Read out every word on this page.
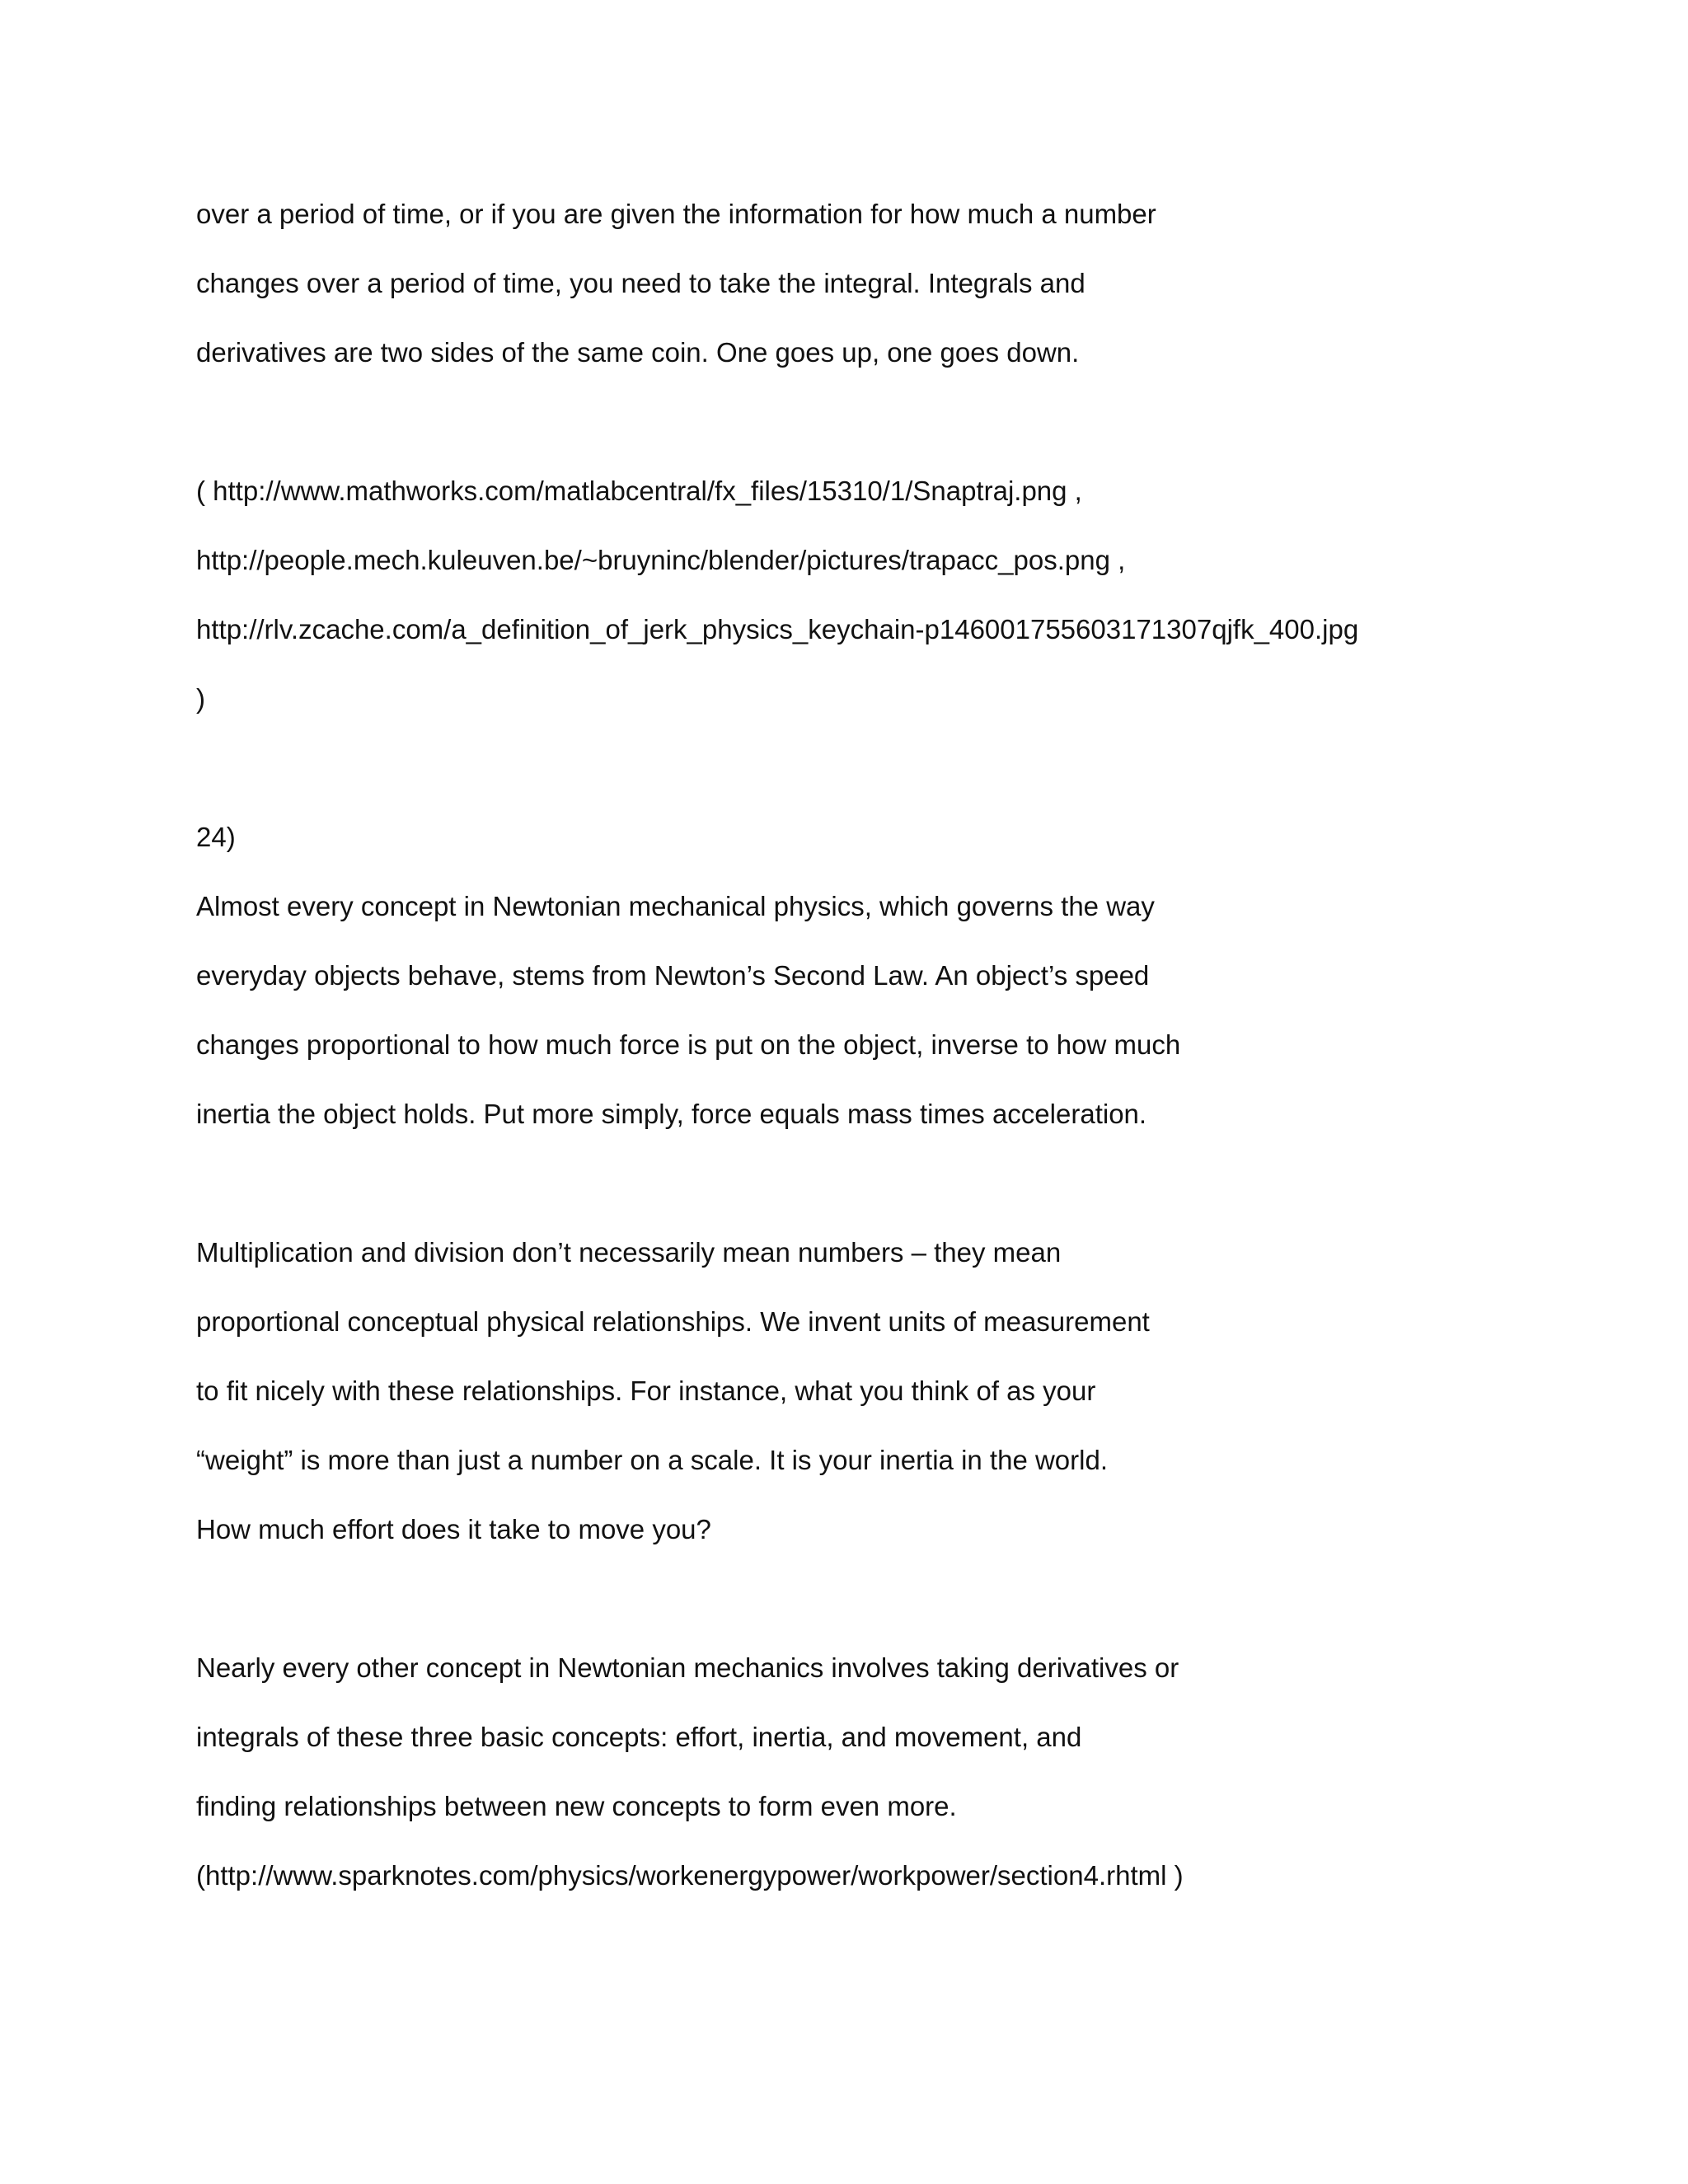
over a period of time, or if you are given the information for how much a number
changes over a period of time, you need to take the integral. Integrals and
derivatives are two sides of the same coin. One goes up, one goes down.
( http://www.mathworks.com/matlabcentral/fx_files/15310/1/Snaptraj.png ,
http://people.mech.kuleuven.be/~bruyninc/blender/pictures/trapacc_pos.png ,
http://rlv.zcache.com/a_definition_of_jerk_physics_keychain-p146001755603171307qjfk_400.jpg
)
24)
Almost every concept in Newtonian mechanical physics, which governs the way
everyday objects behave, stems from Newton’s Second Law. An object’s speed
changes proportional to how much force is put on the object, inverse to how much
inertia the object holds. Put more simply, force equals mass times acceleration.
Multiplication and division don’t necessarily mean numbers – they mean
proportional conceptual physical relationships. We invent units of measurement
to fit nicely with these relationships. For instance, what you think of as your
“weight” is more than just a number on a scale. It is your inertia in the world.
How much effort does it take to move you?
Nearly every other concept in Newtonian mechanics involves taking derivatives or
integrals of these three basic concepts: effort, inertia, and movement, and
finding relationships between new concepts to form even more.
(http://www.sparknotes.com/physics/workenergypower/workpower/section4.rhtml )
